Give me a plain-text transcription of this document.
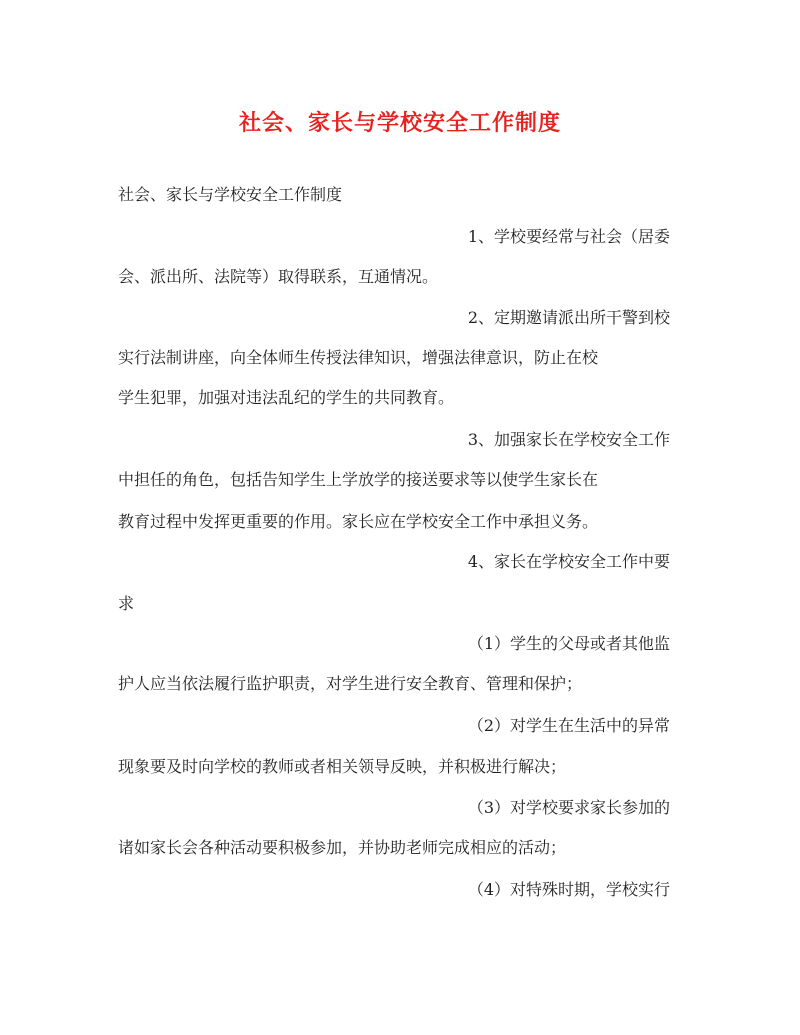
社会、家长与学校安全工作制度
社会、家长与学校安全工作制度
1、学校要经常与社会（居委
会、派出所、法院等）取得联系，互通情况。
2、定期邀请派出所干警到校
实行法制讲座，向全体师生传授法律知识，增强法律意识，防止在校
学生犯罪，加强对违法乱纪的学生的共同教育。
3、加强家长在学校安全工作
中担任的角色，包括告知学生上学放学的接送要求等以使学生家长在
教育过程中发挥更重要的作用。家长应在学校安全工作中承担义务。
4、家长在学校安全工作中要
求
（1）学生的父母或者其他监
护人应当依法履行监护职责，对学生进行安全教育、管理和保护；
（2）对学生在生活中的异常
现象要及时向学校的教师或者相关领导反映，并积极进行解决；
（3）对学校要求家长参加的
诸如家长会各种活动要积极参加，并协助老师完成相应的活动；
（4）对特殊时期，学校实行
